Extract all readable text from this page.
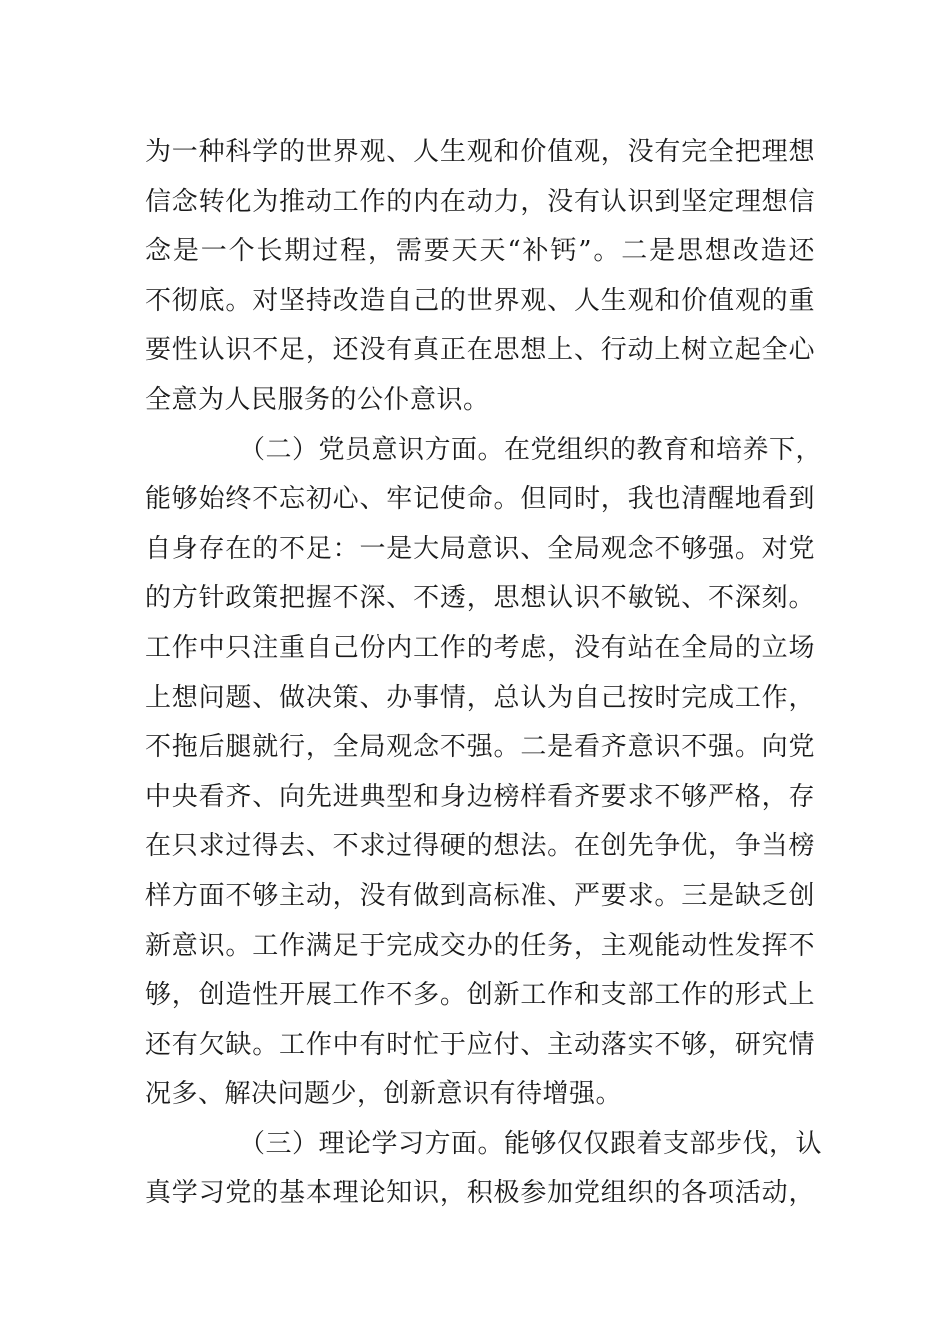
为一种科学的世界观、人生观和价值观，没有完全把理想
信念转化为推动工作的内在动力，没有认识到坚定理想信
念是一个长期过程，需要天天“补钙”。二是思想改造还
不彻底。对坚持改造自己的世界观、人生观和价值观的重
要性认识不足，还没有真正在思想上、行动上树立起全心
全意为人民服务的公仆意识。
（二）党员意识方面。在党组织的教育和培养下，
能够始终不忘初心、牢记使命。但同时，我也清醒地看到
自身存在的不足：一是大局意识、全局观念不够强。对党
的方针政策把握不深、不透，思想认识不敏锐、不深刻。
工作中只注重自己份内工作的考虑，没有站在全局的立场
上想问题、做决策、办事情，总认为自己按时完成工作，
不拖后腿就行，全局观念不强。二是看齐意识不强。向党
中央看齐、向先进典型和身边榜样看齐要求不够严格，存
在只求过得去、不求过得硬的想法。在创先争优，争当榜
样方面不够主动，没有做到高标准、严要求。三是缺乏创
新意识。工作满足于完成交办的任务，主观能动性发挥不
够，创造性开展工作不多。创新工作和支部工作的形式上
还有欠缺。工作中有时忙于应付、主动落实不够，研究情
况多、解决问题少，创新意识有待增强。
（三）理论学习方面。能够仅仅跟着支部步伐，认
真学习党的基本理论知识，积极参加党组织的各项活动，
